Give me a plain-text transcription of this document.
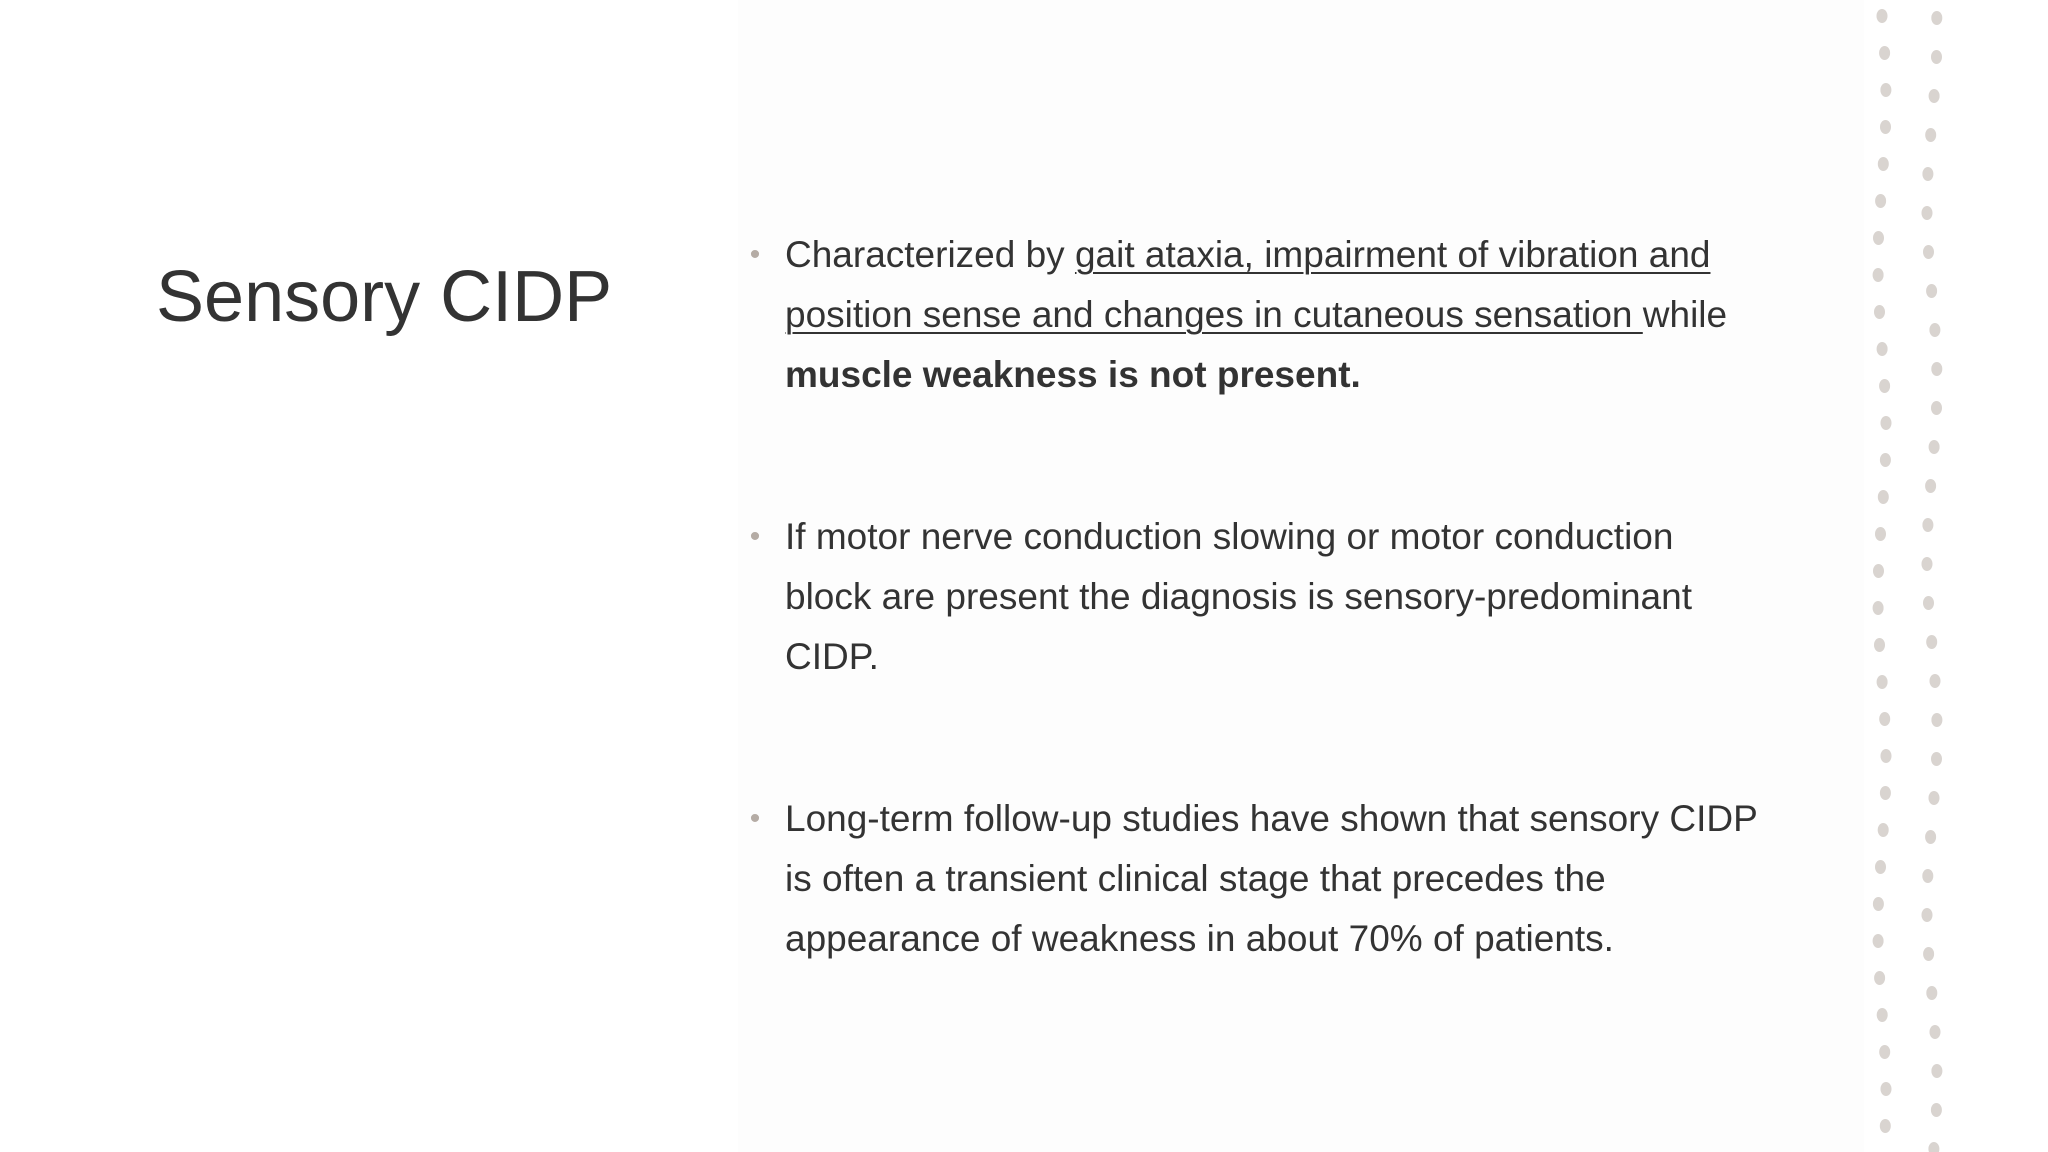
Sensory CIDP
• Characterized by gait ataxia, impairment of vibration and position sense and changes in cutaneous sensation while muscle weakness is not present.
• If motor nerve conduction slowing or motor conduction block are present the diagnosis is sensory-predominant CIDP.
• Long-term follow-up studies have shown that sensory CIDP is often a transient clinical stage that precedes the appearance of weakness in about 70% of patients.
